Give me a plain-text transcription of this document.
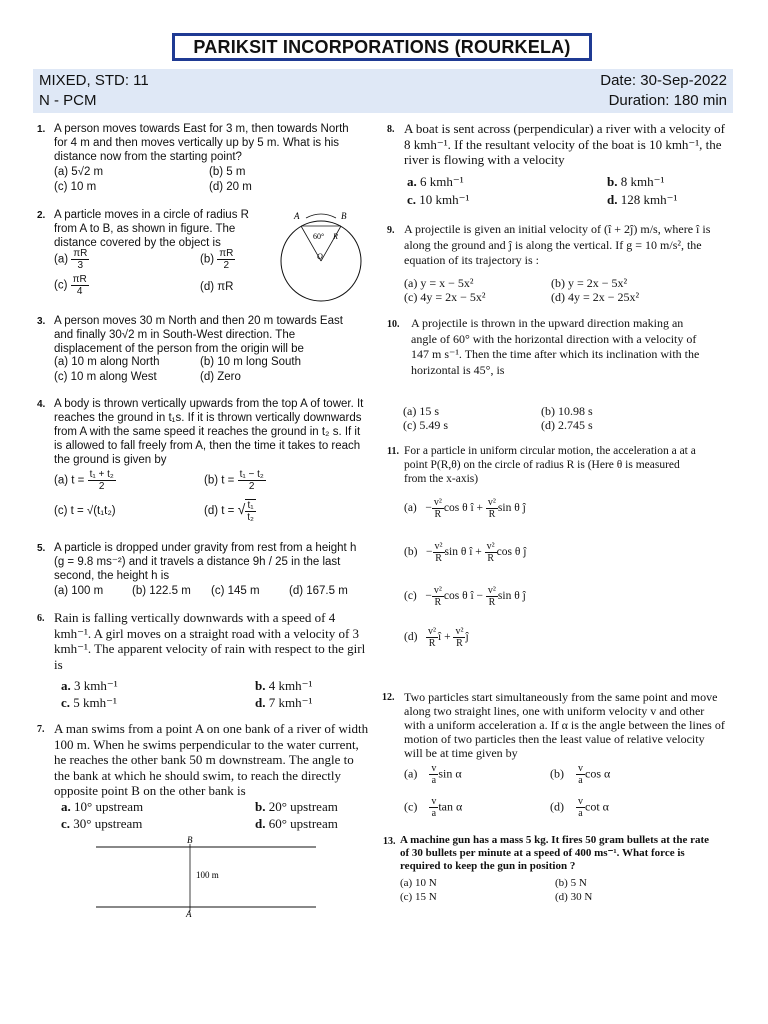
PARIKSIT INCORPORATIONS (ROURKELA)
MIXED, STD: 11	Date: 30-Sep-2022
N - PCM	Duration: 180 min
1. A person moves towards East for 3 m, then towards North for 4 m and then moves vertically up by 5 m. What is his distance now from the starting point?
(a) 5√2 m	(b) 5 m
(c) 10 m	(d) 20 m
2. A particle moves in a circle of radius R from A to B, as shown in figure. The distance covered by the object is
$(a) \frac{\pi R}{3}$	$(b) \frac{\pi R}{2}$
$(c) \frac{\pi R}{4}$	(d) πR
A	B
60° R
O
3. A person moves 30 m North and then 20 m towards East and finally 30√2 m in South-West direction. The displacement of the person from the origin will be
(a) 10 m along North	(b) 10 m long South
(c) 10 m along West	(d) Zero
4. A body is thrown vertically upwards from the top A of tower. It reaches the ground in t₁s. If it is thrown vertically downwards from A with the same speed it reaches the ground in t₂ s. If it is allowed to fall freely from A, then the time it takes to reach the ground is given by
(a) $t = \frac{\text{t₁ + t₂}}{2}$	(b) $t = \frac{\text{t₁ − t₂}}{2}$
(c) t = √(t₁t₂)	(d) t = √ $\frac{\text{t₁}}{\text{t₂}}$
5. A particle is dropped under gravity from rest from a height h (g = 9.8 ms⁻²) and it travels a distance 9h / 25 in the last second, the height h is
(a) 100 m	(b) 122.5 m (c) 145 m	(d) 167.5 m
6. Rain is falling vertically downwards with a speed of 4 kmh⁻¹. A girl moves on a straight road with a velocity of 3 kmh⁻¹. The apparent velocity of rain with respect to the girl is
a. 3 kmh⁻¹	b. 4 kmh⁻¹
c. 5 kmh⁻¹	d. 7 kmh⁻¹
7. A man swims from a point A on one bank of a river of width 100 m. When he swims perpendicular to the water current, he reaches the other bank 50 m downstream. The angle to the bank at which he should swim, to reach the directly opposite point B on the other bank is
a. 10° upstream	b. 20° upstream
c. 30° upstream	d. 60° upstream
B
A
100 m
8. A boat is sent across (perpendicular) a river with a velocity of 8 kmh⁻¹. If the resultant velocity of the boat is 10 kmh⁻¹, the river is flowing with a velocity
a. 6 kmh⁻¹	b. 8 kmh⁻¹
c. 10 kmh⁻¹	d. 128 kmh⁻¹
9. A projectile is given an initial velocity of (î + 2ĵ) m/s, where î is along the ground and ĵ is along the vertical. If g = 10 m/s², the equation of its trajectory is :
(a) y = x − 5x²	(b) y = 2x − 5x²
(c) 4y = 2x − 5x²	(d) 4y = 2x − 25x²
10. A projectile is thrown in the upward direction making an angle of 60° with the horizontal direction with a velocity of 147 m s⁻¹. Then the time after which its inclination with the horizontal is 45°, is
(a) 15 s	(b) 10.98 s
(c) 5.49 s	(d) 2.745 s
11. For a particle in uniform circular motion, the acceleration a at a point P(R,θ) on the circle of radius R is (Here θ is measured from the x-axis)
$(a) - \frac{\text{v²}}{R}$ cos θ î + $\frac{\text{v²}}{R}$ sin θ ĵ
$(b) - \frac{\text{v²}}{R}$ sin θ î + $\frac{\text{v²}}{R}$ cos θ ĵ
$(c) - \frac{\text{v²}}{R}$ cos θ î − $\frac{\text{v²}}{R}$ sin θ ĵ
$(d) \frac{\text{v²}}{R}$ î + $\frac{\text{v²}}{R}$ ĵ
12. Two particles start simultaneously from the same point and move along two straight lines, one with uniform velocity v and other with a uniform acceleration a. If α is the angle between the lines of motion of two particles then the least value of relative velocity will be at time given by
$(a) \frac{v}{a}$ sin α	$(b) \frac{v}{a}$ cos α
$(c) \frac{v}{a}$ tan α	$(d) \frac{v}{a}$ cot α
13. A machine gun has a mass 5 kg. It fires 50 gram bullets at the rate of 30 bullets per minute at a speed of 400 ms⁻¹. What force is required to keep the gun in position ?
(a) 10 N	(b) 5 N
(c) 15 N	(d) 30 N
